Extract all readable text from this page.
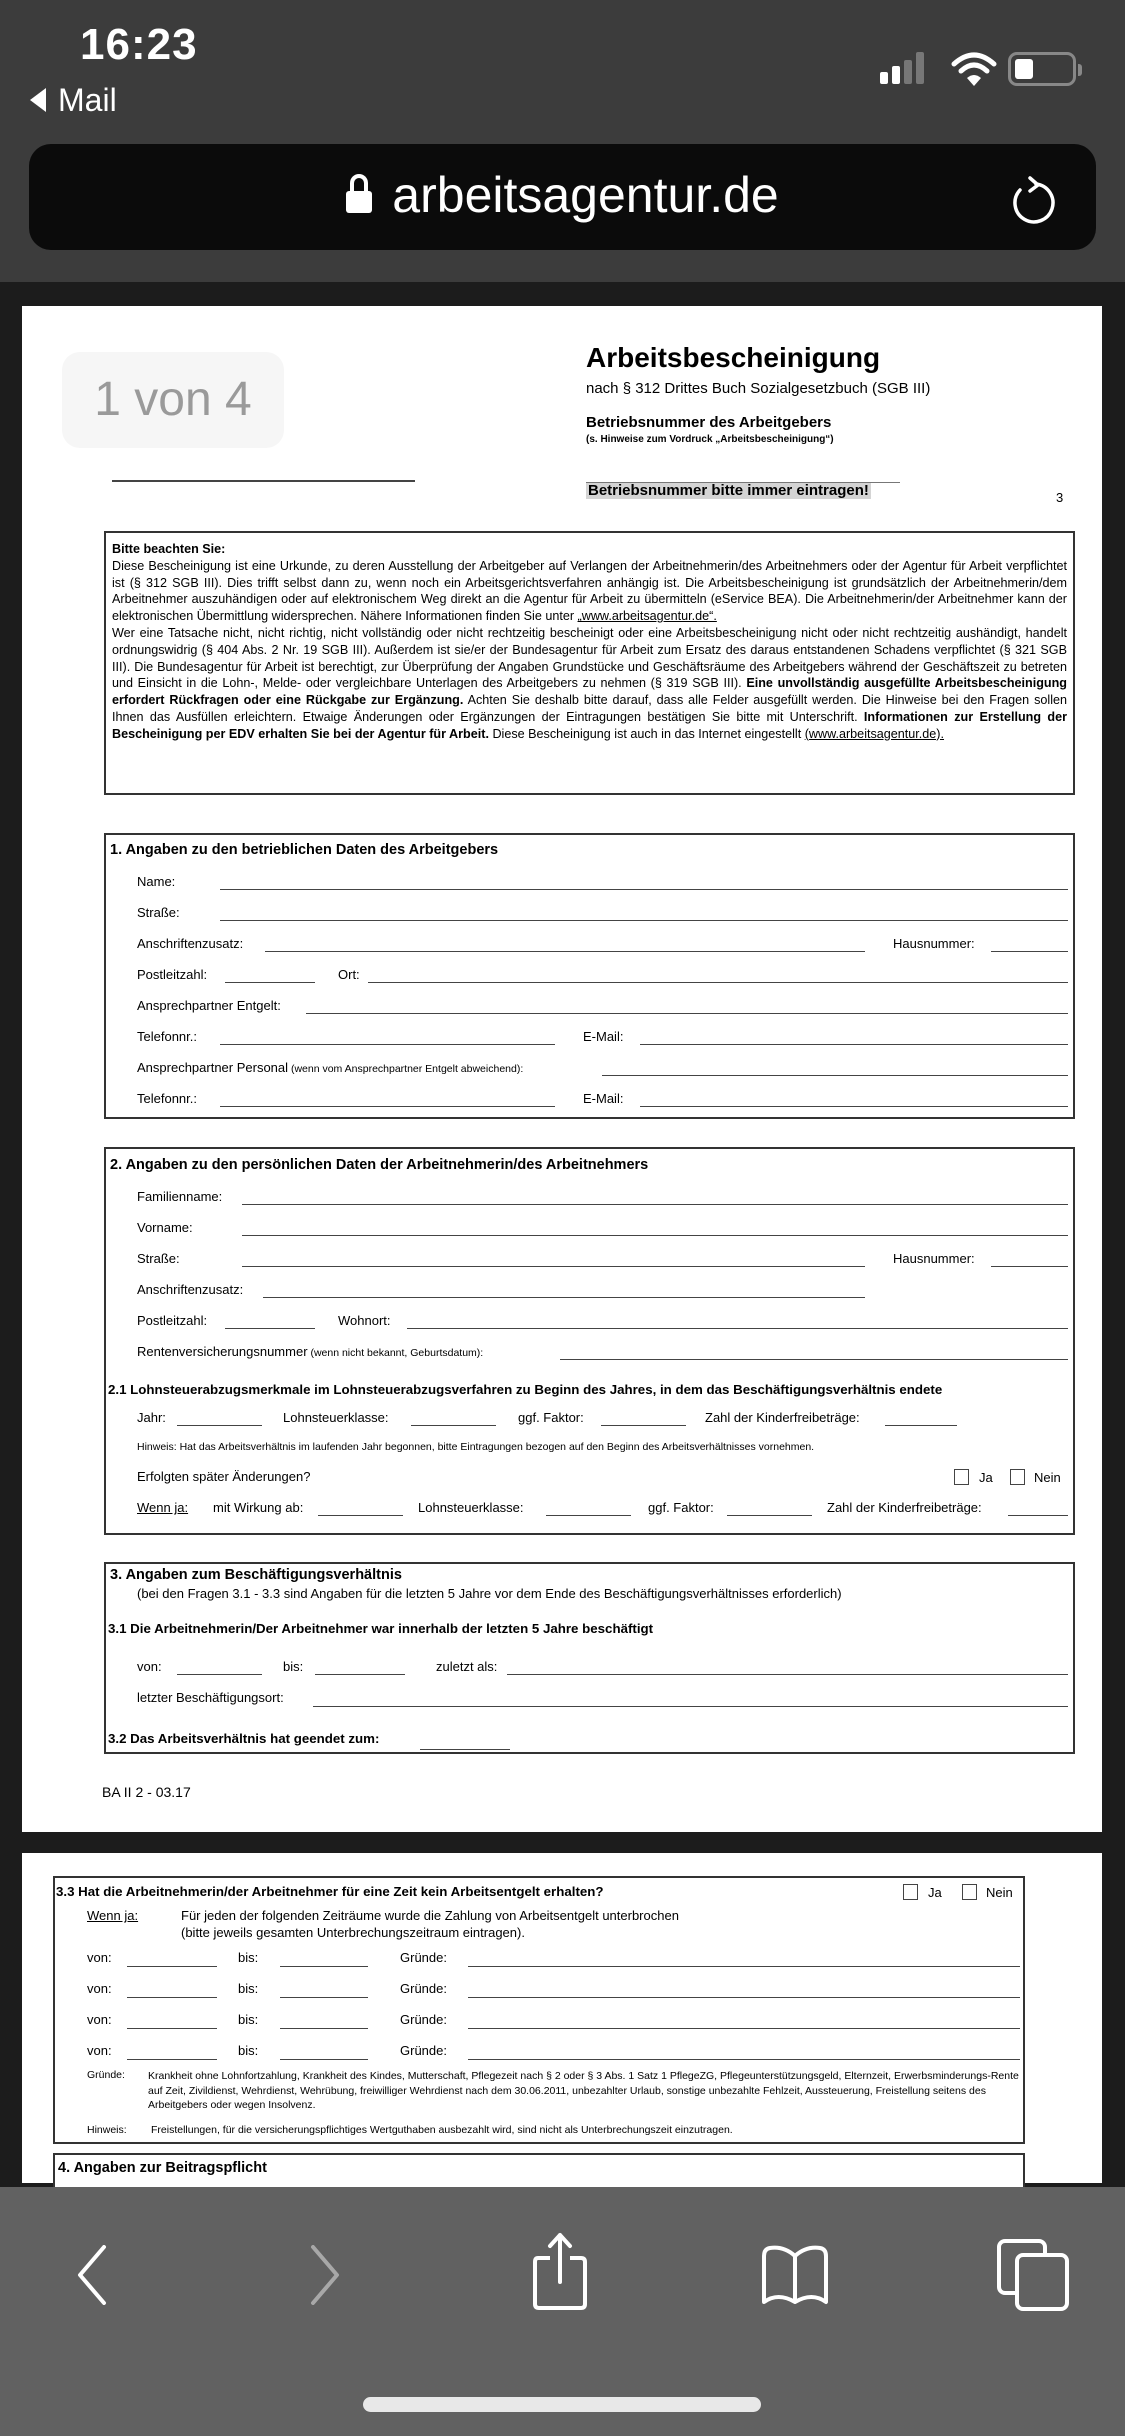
16:23
Mail
arbeitsagentur.de
1 von 4
Arbeitsbescheinigung
nach § 312 Drittes Buch Sozialgesetzbuch (SGB III)
Betriebsnummer des Arbeitgebers
(s. Hinweise zum Vordruck „Arbeitsbescheinigung“)
Betriebsnummer bitte immer eintragen!	3
Bitte beachten Sie:
Diese Bescheinigung ist eine Urkunde, zu deren Ausstellung der Arbeitgeber auf Verlangen der Arbeitnehmerin/des Arbeitnehmers oder der Agentur für Arbeit verpflichtet ist (§ 312 SGB III). Dies trifft selbst dann zu, wenn noch ein Arbeitsgerichtsverfahren anhängig ist. Die Arbeitsbescheinigung ist grundsätzlich der Arbeitnehmerin/dem Arbeitnehmer auszuhändigen oder auf elektronischem Weg direkt an die Agentur für Arbeit zu übermitteln (eService BEA). Die Arbeitnehmerin/der Arbeitnehmer kann der elektronischen Übermittlung widersprechen. Nähere Informationen finden Sie unter „www.arbeitsagentur.de“.
Wer eine Tatsache nicht, nicht richtig, nicht vollständig oder nicht rechtzeitig bescheinigt oder eine Arbeitsbescheinigung nicht oder nicht rechtzeitig aushändigt, handelt ordnungswidrig (§ 404 Abs. 2 Nr. 19 SGB III). Außerdem ist sie/er der Bundesagentur für Arbeit zum Ersatz des daraus entstandenen Schadens verpflichtet (§ 321 SGB III). Die Bundesagentur für Arbeit ist berechtigt, zur Überprüfung der Angaben Grundstücke und Geschäftsräume des Arbeitgebers während der Geschäftszeit zu betreten und Einsicht in die Lohn-, Melde- oder vergleichbare Unterlagen des Arbeitgebers zu nehmen (§ 319 SGB III). Eine unvollständig ausgefüllte Arbeitsbescheinigung erfordert Rückfragen oder eine Rückgabe zur Ergänzung. Achten Sie deshalb bitte darauf, dass alle Felder ausgefüllt werden. Die Hinweise bei den Fragen sollen Ihnen das Ausfüllen erleichtern. Etwaige Änderungen oder Ergänzungen der Eintragungen bestätigen Sie bitte mit Unterschrift. Informationen zur Erstellung der Bescheinigung per EDV erhalten Sie bei der Agentur für Arbeit. Diese Bescheinigung ist auch in das Internet eingestellt (www.arbeitsagentur.de).
1. Angaben zu den betrieblichen Daten des Arbeitgebers
Name:
Straße:
Anschriftenzusatz:	Hausnummer:
Postleitzahl:	Ort:
Ansprechpartner Entgelt:
Telefonnr.:	E-Mail:
Ansprechpartner Personal (wenn vom Ansprechpartner Entgelt abweichend):
Telefonnr.:	E-Mail:
2. Angaben zu den persönlichen Daten der Arbeitnehmerin/des Arbeitnehmers
Familienname:
Vorname:
Straße:	Hausnummer:
Anschriftenzusatz:
Postleitzahl:	Wohnort:
Rentenversicherungsnummer (wenn nicht bekannt, Geburtsdatum):
2.1 Lohnsteuerabzugsmerkmale im Lohnsteuerabzugsverfahren zu Beginn des Jahres, in dem das Beschäftigungsverhältnis endete
Jahr:	Lohnsteuerklasse:	ggf. Faktor:	Zahl der Kinderfreibeträge:
Hinweis: Hat das Arbeitsverhältnis im laufenden Jahr begonnen, bitte Eintragungen bezogen auf den Beginn des Arbeitsverhältnisses vornehmen.
Erfolgten später Änderungen?	Ja	Nein
Wenn ja: mit Wirkung ab:	Lohnsteuerklasse:	ggf. Faktor:	Zahl der Kinderfreibeträge:
3. Angaben zum Beschäftigungsverhältnis
(bei den Fragen 3.1 - 3.3 sind Angaben für die letzten 5 Jahre vor dem Ende des Beschäftigungsverhältnisses erforderlich)
3.1 Die Arbeitnehmerin/Der Arbeitnehmer war innerhalb der letzten 5 Jahre beschäftigt
von:	bis:	zuletzt als:
letzter Beschäftigungsort:
3.2 Das Arbeitsverhältnis hat geendet zum:
BA II 2 - 03.17
3.3 Hat die Arbeitnehmerin/der Arbeitnehmer für eine Zeit kein Arbeitsentgelt erhalten?	Ja	Nein
Wenn ja:	Für jeden der folgenden Zeiträume wurde die Zahlung von Arbeitsentgelt unterbrochen
(bitte jeweils gesamten Unterbrechungszeitraum eintragen).
von:	bis:	Gründe:
von:	bis:	Gründe:
von:	bis:	Gründe:
von:	bis:	Gründe:
Gründe: Krankheit ohne Lohnfortzahlung, Krankheit des Kindes, Mutterschaft, Pflegezeit nach § 2 oder § 3 Abs. 1 Satz 1 PflegeZG, Pflegeunterstützungsgeld, Elternzeit, Erwerbsminderungs-Rente auf Zeit, Zivildienst, Wehrdienst, Wehrübung, freiwilliger Wehrdienst nach dem 30.06.2011, unbezahlter Urlaub, sonstige unbezahlte Fehlzeit, Aussteuerung, Freistellung seitens des Arbeitgebers oder wegen Insolvenz.
Hinweis: Freistellungen, für die versicherungspflichtiges Wertguthaben ausbezahlt wird, sind nicht als Unterbrechungszeit einzutragen.
4. Angaben zur Beitragspflicht
